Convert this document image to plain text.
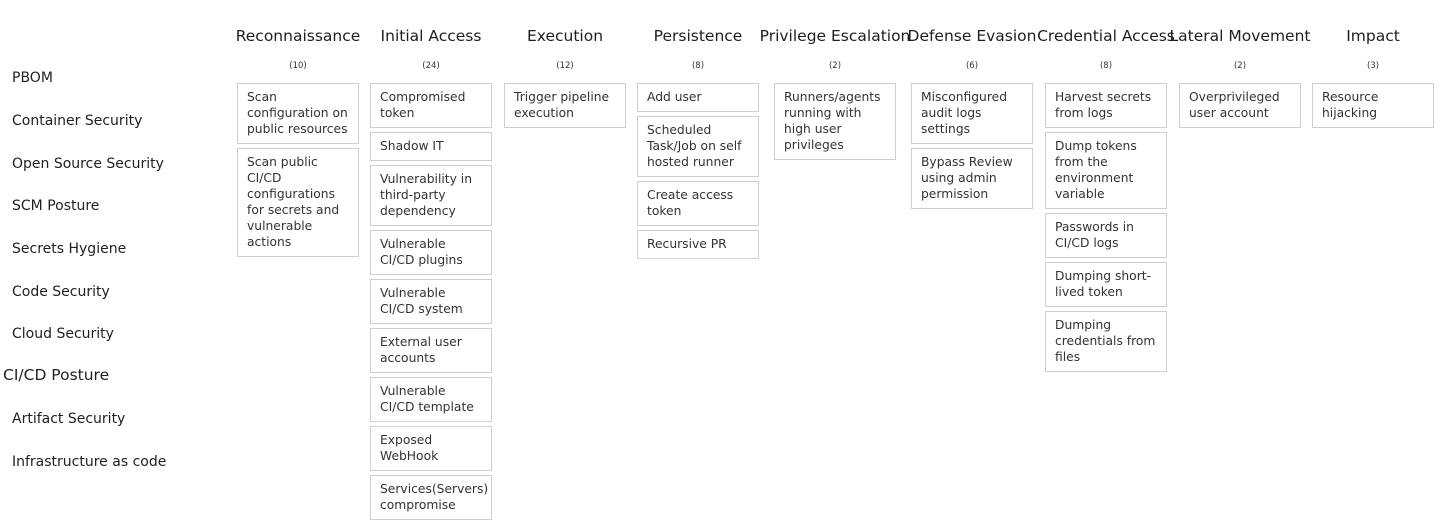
PBOM
Container Security
Open Source Security
SCM Posture
Secrets Hygiene
Code Security
Cloud Security
CI/CD Posture
Artifact Security
Infrastructure as code
Reconnaissance
(10)
Scan configuration on public resources
Scan public CI/CD configurations for secrets and vulnerable actions
Initial Access
(24)
Compromised token
Shadow IT
Vulnerability in third-party dependency
Vulnerable CI/CD plugins
Vulnerable CI/CD system
External user accounts
Vulnerable CI/CD template
Exposed WebHook
Services(Servers) compromise
Execution
(12)
Trigger pipeline execution
Persistence
(8)
Add user
Scheduled Task/Job on self hosted runner
Create access token
Recursive PR
Privilege Escalation
(2)
Runners/agents running with high user privileges
Defense Evasion
(6)
Misconfigured audit logs settings
Bypass Review using admin permission
Credential Access
(8)
Harvest secrets from logs
Dump tokens from the environment variable
Passwords in CI/CD logs
Dumping short-lived token
Dumping credentials from files
Lateral Movement
(2)
Overprivileged user account
Impact
(3)
Resource hijacking
